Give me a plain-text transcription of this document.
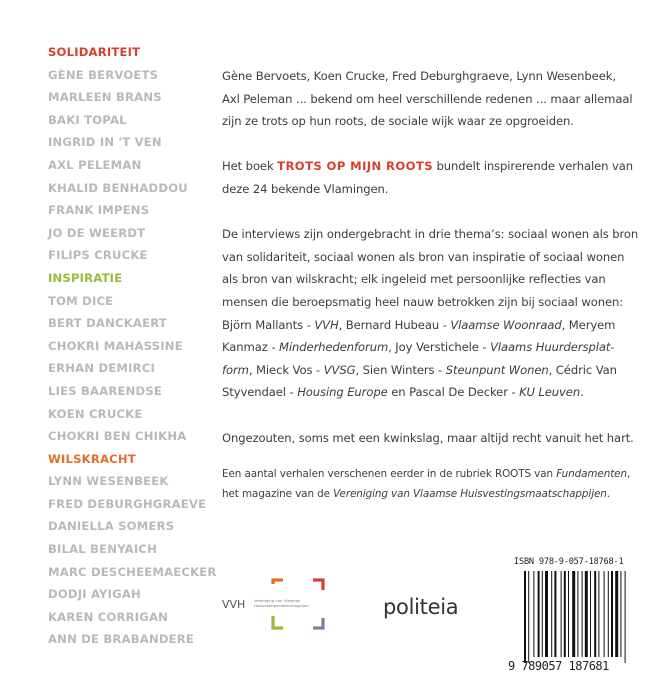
SOLIDARITEIT
GÈNE BERVOETS
MARLEEN BRANS
BAKI TOPAL
INGRID IN 'T VEN
AXL PELEMAN
KHALID BENHADDOU
FRANK IMPENS
JO DE WEERDT
FILIPS CRUCKE
INSPIRATIE
TOM DICE
BERT DANCKAERT
CHOKRI MAHASSINE
ERHAN DEMIRCI
LIES BAARENDSE
KOEN CRUCKE
CHOKRI BEN CHIKHA
WILSKRACHT
LYNN WESENBEEK
FRED DEBURGHGRAEVE
DANIELLA SOMERS
BILAL BENYAICH
MARC DESCHEEMAECKER
DODJI AYIGAH
KAREN CORRIGAN
ANN DE BRABANDERE

Gène Bervoets, Koen Crucke, Fred Deburghgraeve, Lynn Wesenbeek,

Axl Peleman ... bekend om heel verschillende redenen ... maar allemaal

zijn ze trots op hun roots, de sociale wijk waar ze opgroeiden.

Het boek TROTS OP MIJN ROOTS bundelt inspirerende verhalen van

deze 24 bekende Vlamingen.

De interviews zijn ondergebracht in drie thema’s: sociaal wonen als bron

van solidariteit, sociaal wonen als bron van inspiratie of sociaal wonen

als bron van wilskracht; elk ingeleid met persoonlijke reflecties van

mensen die beroepsmatig heel nauw betrokken zijn bij sociaal wonen:

Björn Mallants - VVH, Bernard Hubeau - Vlaamse Woonraad, Meryem

Kanmaz - Minderhedenforum, Joy Verstichele - Vlaams Huurdersplat-

form, Mieck Vos - VVSG, Sien Winters - Steunpunt Wonen, Cédric Van

Styvendael - Housing Europe en Pascal De Decker - KU Leuven.

Ongezouten, soms met een kwinkslag, maar altijd recht vanuit het hart.

Een aantal verhalen verschenen eerder in de rubriek ROOTS van Fundamenten,

het magazine van de Vereniging van Vlaamse Huisvestingsmaatschappijen.

VVH Vereniging van Vlaamse
Huisvestingsmaatschappijen	politeia
ISBN 978-9-057-18768-1
9 789057 187681
